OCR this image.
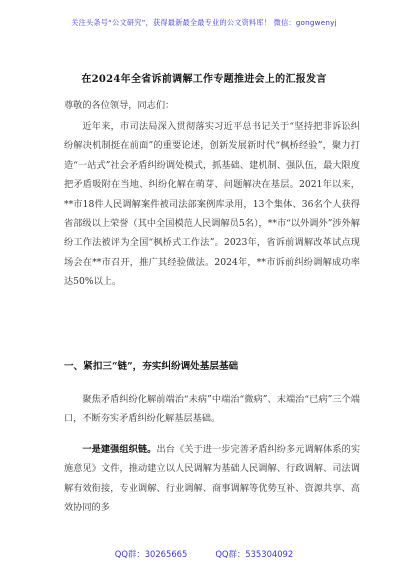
关注头条号“公文研究”，获得最新最全最专业的公文资料库！ 微信：gongwenyj
在2024年全省诉前调解工作专题推进会上的汇报发言
尊敬的各位领导，同志们：

近年来，市司法局深入贯彻落实习近平总书记关于“坚持把非诉讼纠纷解决机制挺在前面”的重要论述，创新发展新时代“枫桥经验”，聚力打造“一站式”社会矛盾纠纷调处模式，抓基础、建机制、强队伍，最大限度把矛盾吸附在当地、纠纷化解在萌芽、问题解决在基层。2021年以来，**市18件人民调解案件被司法部案例库录用，13个集体、36名个人获得省部级以上荣誉（其中全国模范人民调解员5名），**市“以外调外”涉外解纷工作法被评为全国“枫桥式工作法”。2023年，省诉前调解改革试点现场会在**市召开，推广其经验做法。2024年，**市诉前纠纷调解成功率达50%以上。

一、紧扣三“链”，夯实纠纷调处基层基础

聚焦矛盾纠纷化解前端治“未病”中端治“微病”、末端治“已病”三个端口，不断夯实矛盾纠纷化解基层基础。

一是建强组织链。出台《关于进一步完善矛盾纠纷多元调解体系的实施意见》文件，推动建立以人民调解为基础人民调解、行政调解、司法调解有效衔接，专业调解、行业调解、商事调解等优势互补、资源共享、高效协同的多

QQ群：30265665	QQ群：535304092
